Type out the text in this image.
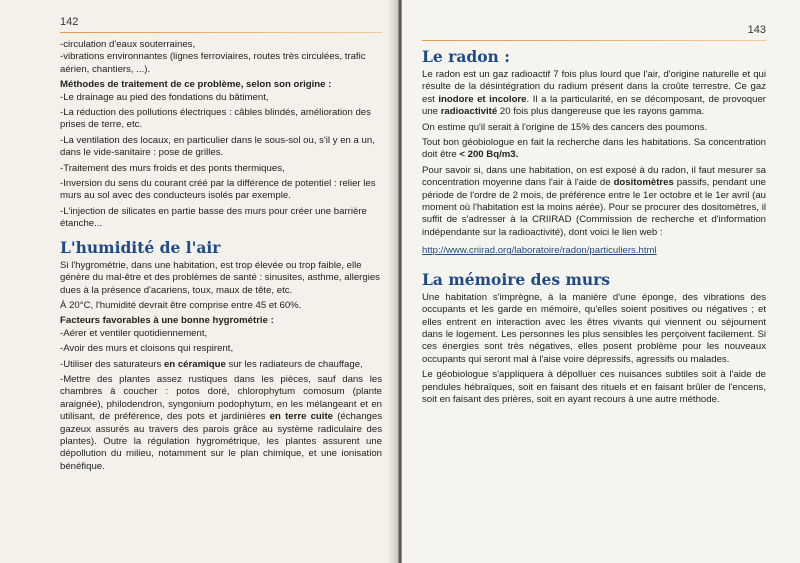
142

-circulation d'eaux souterraines,

-vibrations environnantes (lignes ferroviaires, routes très circulées, trafic aérien, chantiers, ...).

Méthodes de traitement de ce problème, selon son origine :

-Le drainage au pied des fondations du bâtiment,

-La réduction des pollutions électriques : câbles blindés, amélioration des prises de terre, etc.

-La ventilation des locaux, en particulier dans le sous-sol ou, s'il y en a un, dans le vide-sanitaire : pose de grilles.

-Traitement des murs froids et des ponts thermiques,

-Inversion du sens du courant créé par la différence de potentiel : relier les murs au sol avec des conducteurs isolés par exemple.

-L'injection de silicates en partie basse des murs pour créer une barrière étanche...

L'humidité de l'air

Si l'hygrométrie, dans une habitation, est trop élevée ou trop faible, elle génère du mal-être et des problèmes de santé : sinusites, asthme, allergies dues à la présence d'acariens, toux, maux de tête, etc.

À 20°C, l'humidité devrait être comprise entre 45 et 60%.

Facteurs favorables à une bonne hygrométrie :

-Aérer et ventiler quotidiennement,

-Avoir des murs et cloisons qui respirent,

-Utiliser des saturateurs en céramique sur les radiateurs de chauffage,

-Mettre des plantes assez rustiques dans les pièces, sauf dans les chambres à coucher : potos doré, chlorophytum comosum (plante araignée), philodendron, syngonium podophytum, en les mélangeant et en utilisant, de préférence, des pots et jardinières en terre cuite (échanges gazeux assurés au travers des parois grâce au système radiculaire des plantes). Outre la régulation hygrométrique, les plantes assurent une dépollution du milieu, notamment sur le plan chimique, et une ionisation bénéfique.

143
Le radon :

Le radon est un gaz radioactif 7 fois plus lourd que l'air, d'origine naturelle et qui résulte de la désintégration du radium présent dans la croûte terrestre. Ce gaz est inodore et incolore. Il a la particularité, en se décomposant, de provoquer une radioactivité 20 fois plus dangereuse que les rayons gamma.

On estime qu'il serait à l'origine de 15% des cancers des poumons.

Tout bon géobiologue en fait la recherche dans les habitations. Sa concentration doit être < 200 Bq/m3.

Pour savoir si, dans une habitation, on est exposé à du radon, il faut mesurer sa concentration moyenne dans l'air à l'aide de dositomètres passifs, pendant une période de l'ordre de 2 mois, de préférence entre le 1er octobre et le 1er avril (au moment où l'habitation est la moins aérée). Pour se procurer des dositomètres, il suffit de s'adresser à la CRIIRAD (Commission de recherche et d'information indépendante sur la radioactivité), dont voici le lien web :

http://www.criirad.org/laboratoire/radon/particuliers.html

La mémoire des murs

Une habitation s'imprègne, à la manière d'une éponge, des vibrations des occupants et les garde en mémoire, qu'elles soient positives ou négatives ; et elles entrent en interaction avec les êtres vivants qui viennent ou séjournent dans le logement. Les personnes les plus sensibles les perçoivent facilement. Si ces énergies sont très négatives, elles posent problème pour les nouveaux occupants qui seront mal à l'aise voire dépressifs, agressifs ou malades.

Le géobiologue s'appliquera à dépolluer ces nuisances subtiles soit à l'aide de pendules hébraïques, soit en faisant des rituels et en faisant brûler de l'encens, soit en faisant des prières, soit en ayant recours à une autre méthode.
